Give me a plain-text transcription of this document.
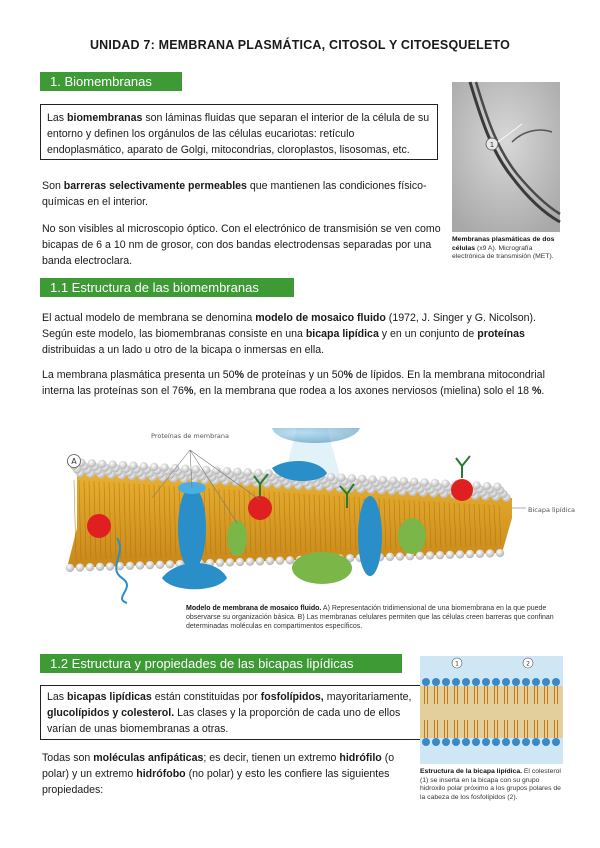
UNIDAD 7: MEMBRANA PLASMÁTICA, CITOSOL Y CITOESQUELETO
1. Biomembranas
Las biomembranas son láminas fluidas que separan el interior de la célula de su entorno y definen los orgánulos de las células eucariotas: retículo endoplasmático, aparato de Golgi, mitocondrias, cloroplastos, lisosomas, etc.
Son barreras selectivamente permeables que mantienen las condiciones físico-químicas en el interior.
No son visibles al microscopio óptico. Con el electrónico de transmisión se ven como bicapas de 6 a 10 nm de grosor, con dos bandas electrodensas separadas por una banda electroclara.
1
Membranas plasmáticas de dos células (x9 A). Micrografía electrónica de transmisión (MET).
1.1 Estructura de las biomembranas
El actual modelo de membrana se denomina modelo de mosaico fluido (1972, J. Singer y G. Nicolson). Según este modelo, las biomembranas consiste en una bicapa lipídica y en un conjunto de proteínas distribuidas a un lado u otro de la bicapa o inmersas en ella.
La membrana plasmática presenta un 50% de proteínas y un 50% de lípidos. En la membrana mitocondrial interna las proteínas son el 76%, en la membrana que rodea a los axones nerviosos (mielina) solo el 18 %.
A
Proteínas de membrana
Bicapa lipídica
Modelo de membrana de mosaico fluido. A) Representación tridimensional de una biomembrana en la que puede observarse su organización básica. B) Las membranas celulares permiten que las células creen barreras que confinan determinadas moléculas en compartimentos específicos.
1.2 Estructura y propiedades de las bicapas lipídicas
Las bicapas lipídicas están constituidas por fosfolípidos, mayoritariamente, glucolípidos y colesterol. Las clases y la proporción de cada uno de ellos varían de unas biomembranas a otras.
Todas son moléculas anfipáticas; es decir, tienen un extremo hidrófilo (o polar) y un extremo hidrófobo (no polar) y esto les confiere las siguientes propiedades:
1	2
Estructura de la bicapa lipídica. El colesterol (1) se inserta en la bicapa con su grupo hidroxilo polar próximo a los grupos polares de la cabeza de los fosfolípidos (2).
